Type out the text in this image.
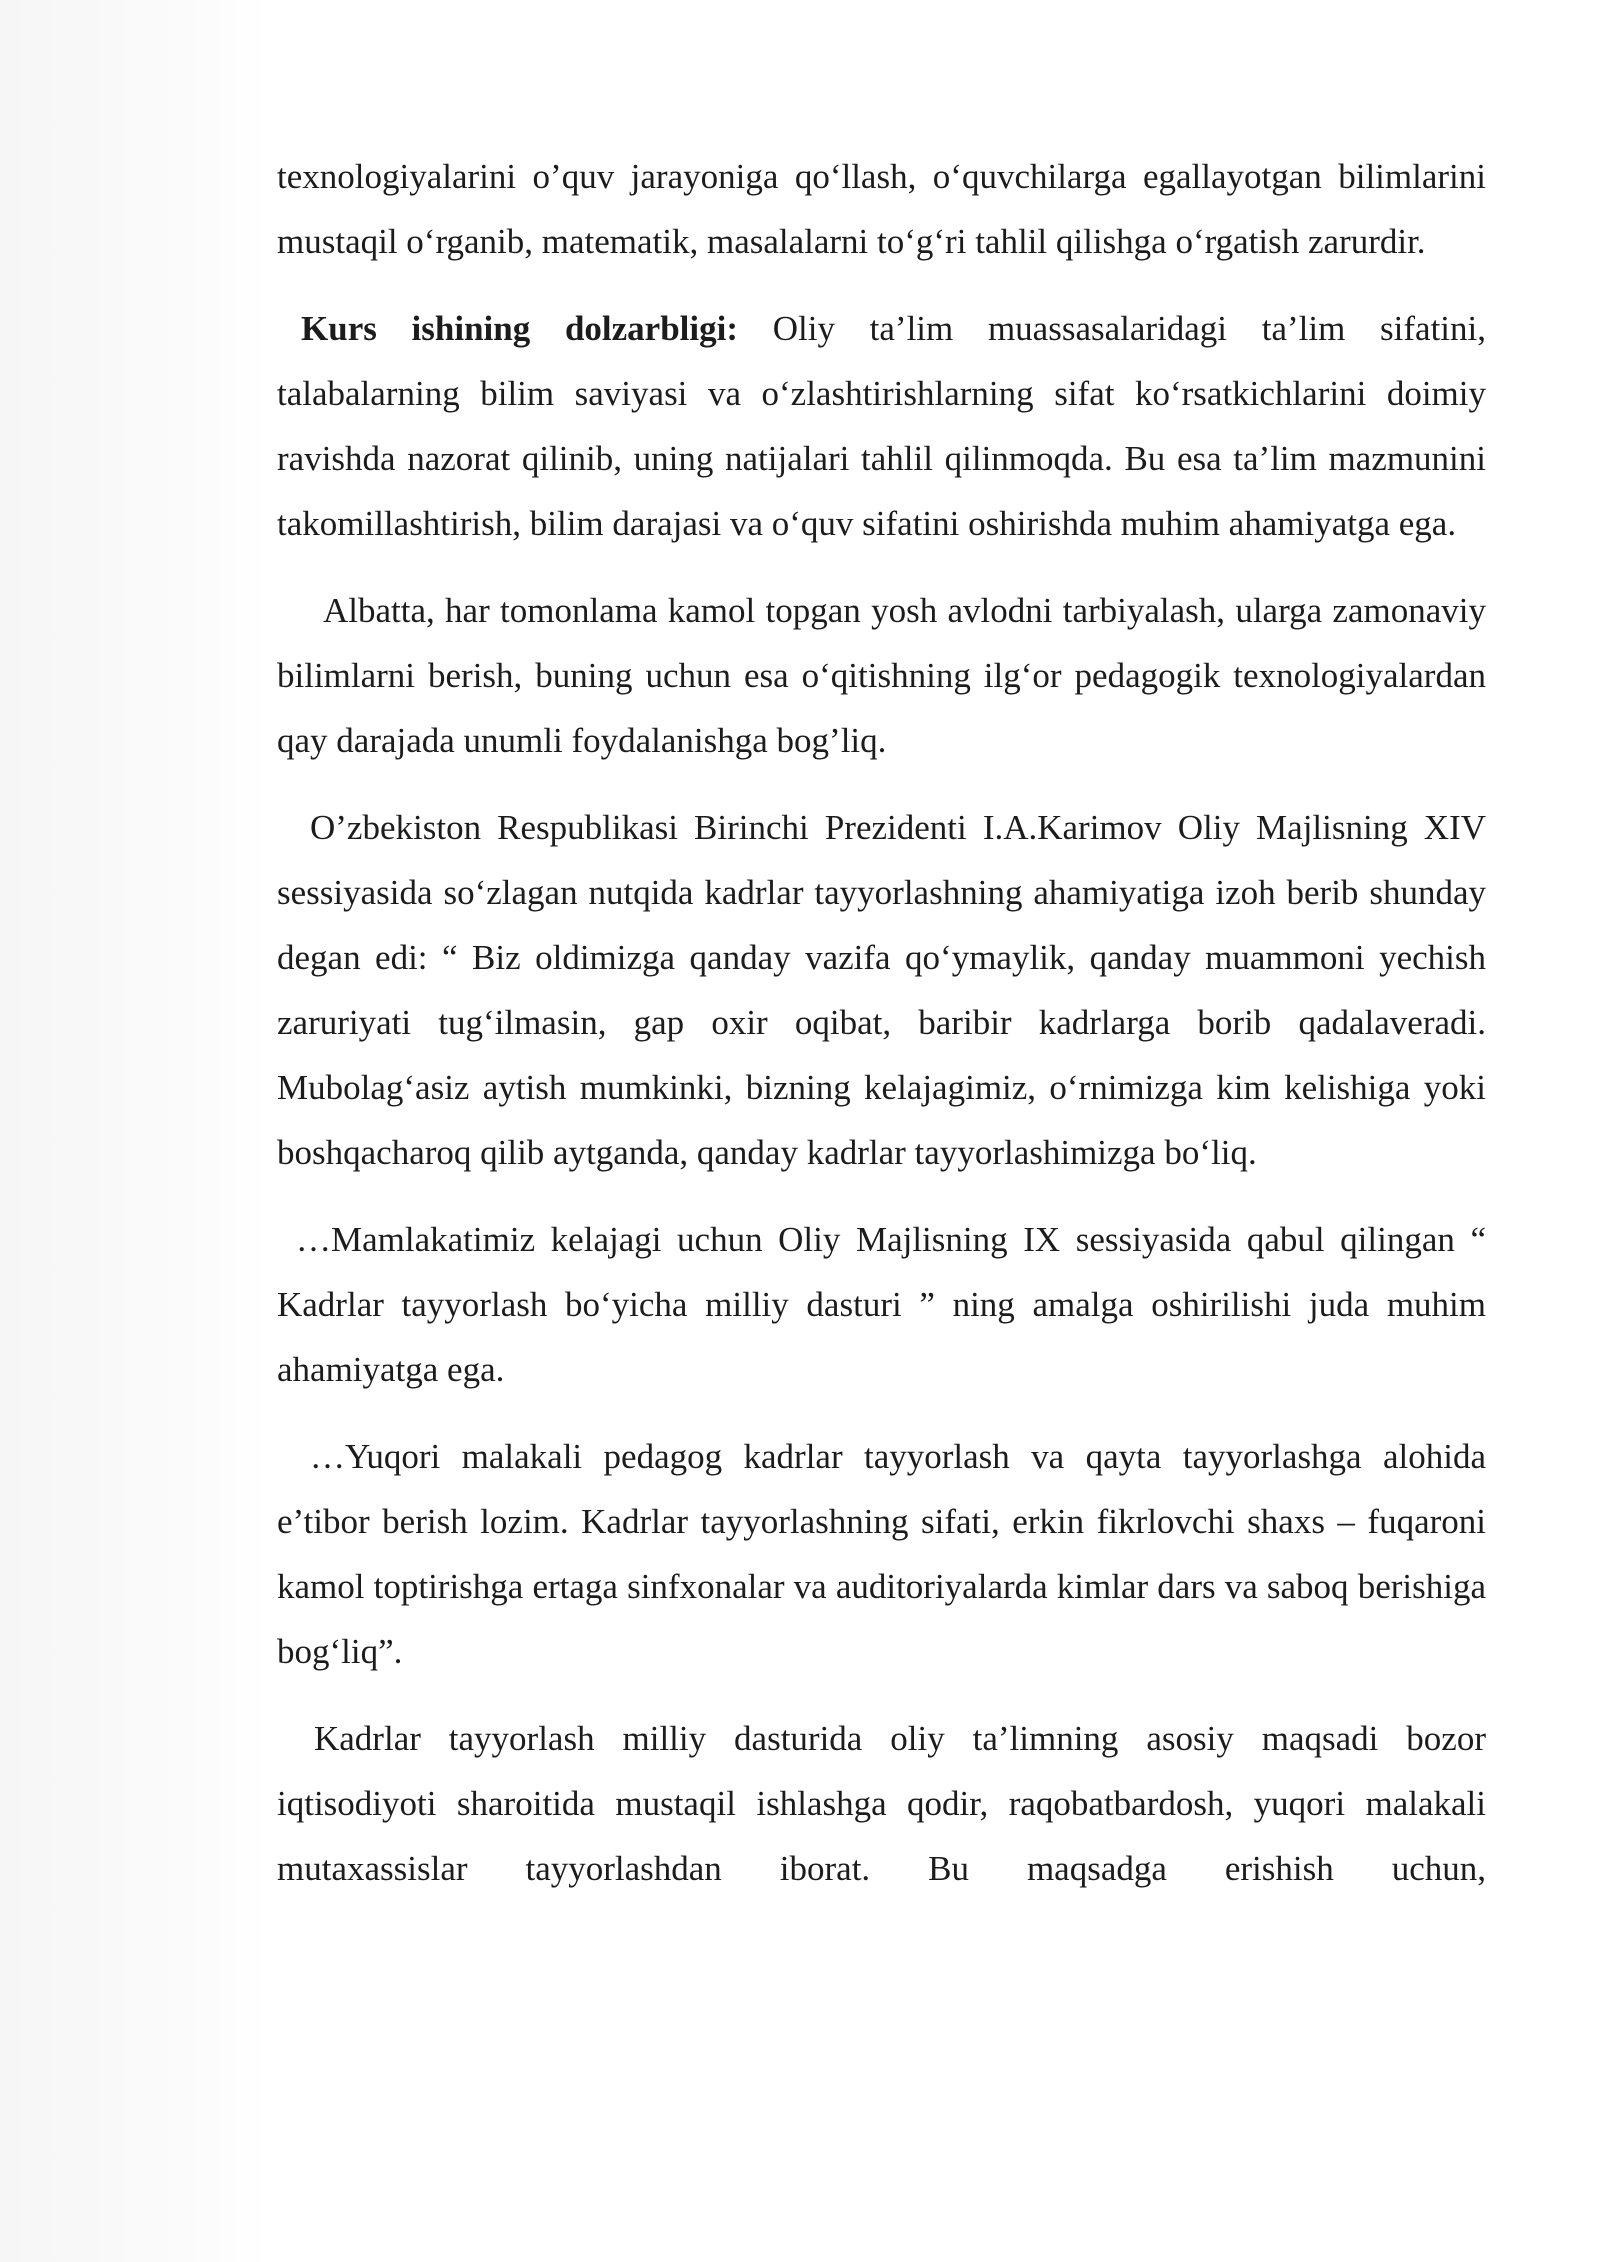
texnologiyalarini o’quv jarayoniga qo‘llash, o‘quvchilarga egallayotgan bilimlarini mustaqil o‘rganib, matematik, masalalarni to‘g‘ri tahlil qilishga o‘rgatish zarurdir.

Kurs ishining dolzarbligi: Oliy ta’lim muassasalaridagi ta’lim sifatini, talabalarning bilim saviyasi va o‘zlashtirishlarning sifat ko‘rsatkichlarini doimiy ravishda nazorat qilinib, uning natijalari tahlil qilinmoqda. Bu esa ta’lim mazmunini takomillashtirish, bilim darajasi va o‘quv sifatini oshirishda muhim ahamiyatga ega.

Albatta, har tomonlama kamol topgan yosh avlodni tarbiyalash, ularga zamonaviy bilimlarni berish, buning uchun esa o‘qitishning ilg‘or pedagogik texnologiyalardan qay darajada unumli foydalanishga bog’liq.

O’zbekiston Respublikasi Birinchi Prezidenti I.A.Karimov Oliy Majlisning XIV sessiyasida so‘zlagan nutqida kadrlar tayyorlashning ahamiyatiga izoh berib shunday degan edi: “ Biz oldimizga qanday vazifa qo‘ymaylik, qanday muammoni yechish zaruriyati tug‘ilmasin, gap oxir oqibat, baribir kadrlarga borib qadalaveradi. Mubolag‘asiz aytish mumkinki, bizning kelajagimiz, o‘rnimizga kim kelishiga yoki boshqacharoq qilib aytganda, qanday kadrlar tayyorlashimizga bo‘liq.

…Mamlakatimiz kelajagi uchun Oliy Majlisning IX sessiyasida qabul qilingan “ Kadrlar tayyorlash bo‘yicha milliy dasturi ” ning amalga oshirilishi juda muhim ahamiyatga ega.

…Yuqori malakali pedagog kadrlar tayyorlash va qayta tayyorlashga alohida e’tibor berish lozim. Kadrlar tayyorlashning sifati, erkin fikrlovchi shaxs – fuqaroni kamol toptirishga ertaga sinfxonalar va auditoriyalarda kimlar dars va saboq berishiga bog‘liq”.

Kadrlar tayyorlash milliy dasturida oliy ta’limning asosiy maqsadi bozor iqtisodiyoti sharoitida mustaqil ishlashga qodir, raqobatbardosh, yuqori malakali mutaxassislar tayyorlashdan iborat. Bu maqsadga erishish uchun,
